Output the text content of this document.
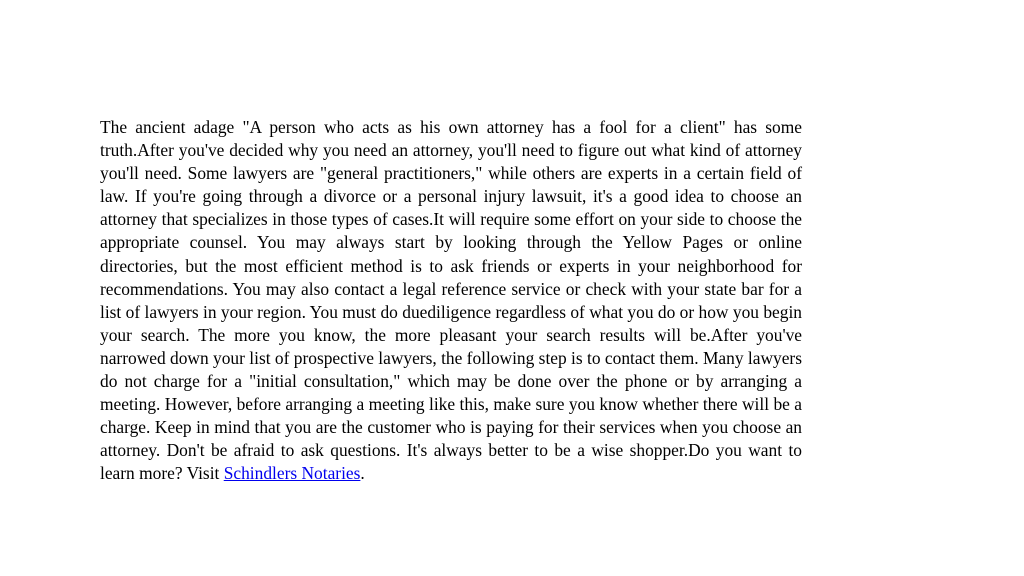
The ancient adage "A person who acts as his own attorney has a fool for a client" has some truth.After you've decided why you need an attorney, you'll need to figure out what kind of attorney you'll need. Some lawyers are "general practitioners," while others are experts in a certain field of law. If you're going through a divorce or a personal injury lawsuit, it's a good idea to choose an attorney that specializes in those types of cases.It will require some effort on your side to choose the appropriate counsel. You may always start by looking through the Yellow Pages or online directories, but the most efficient method is to ask friends or experts in your neighborhood for recommendations. You may also contact a legal reference service or check with your state bar for a list of lawyers in your region. You must do duediligence regardless of what you do or how you begin your search. The more you know, the more pleasant your search results will be.After you've narrowed down your list of prospective lawyers, the following step is to contact them. Many lawyers do not charge for a "initial consultation," which may be done over the phone or by arranging a meeting. However, before arranging a meeting like this, make sure you know whether there will be a charge. Keep in mind that you are the customer who is paying for their services when you choose an attorney. Don't be afraid to ask questions. It's always better to be a wise shopper.Do you want to learn more? Visit Schindlers Notaries.
